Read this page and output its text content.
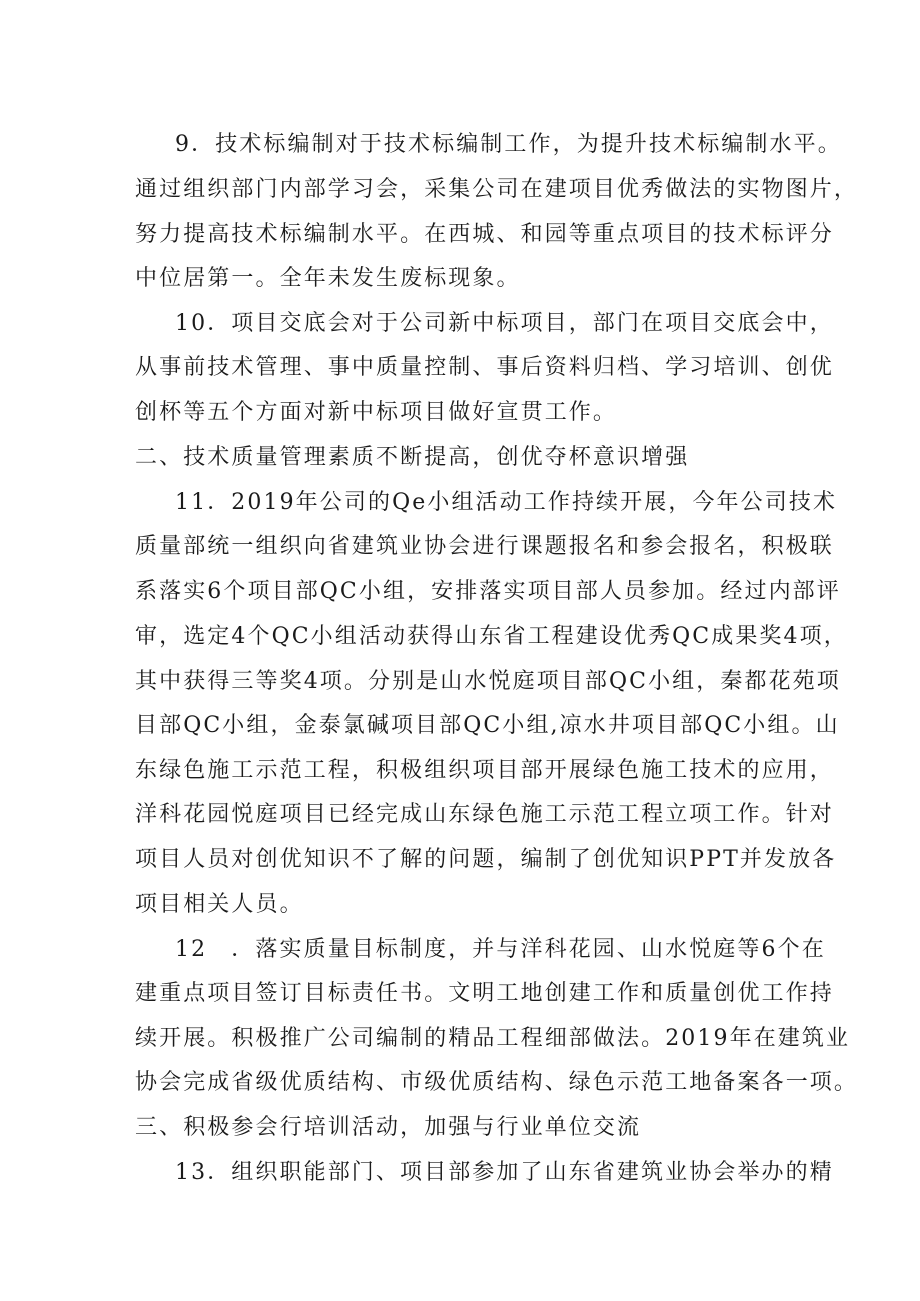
9．技术标编制对于技术标编制工作，为提升技术标编制水平。
通过组织部门内部学习会，采集公司在建项目优秀做法的实物图片，
努力提高技术标编制水平。在西城、和园等重点项目的技术标评分
中位居第一。全年未发生废标现象。
10．项目交底会对于公司新中标项目，部门在项目交底会中，
从事前技术管理、事中质量控制、事后资料归档、学习培训、创优
创杯等五个方面对新中标项目做好宣贯工作。
二、技术质量管理素质不断提高，创优夺杯意识增强
11．2019年公司的Qe小组活动工作持续开展，今年公司技术
质量部统一组织向省建筑业协会进行课题报名和参会报名，积极联
系落实6个项目部QC小组，安排落实项目部人员参加。经过内部评
审，选定4个QC小组活动获得山东省工程建设优秀QC成果奖4项，
其中获得三等奖4项。分别是山水悦庭项目部QC小组，秦都花苑项
目部QC小组，金泰氯碱项目部QC小组,凉水井项目部QC小组。山
东绿色施工示范工程，积极组织项目部开展绿色施工技术的应用，
洋科花园悦庭项目已经完成山东绿色施工示范工程立项工作。针对
项目人员对创优知识不了解的问题，编制了创优知识PPT并发放各
项目相关人员。
12　．落实质量目标制度，并与洋科花园、山水悦庭等6个在
建重点项目签订目标责任书。文明工地创建工作和质量创优工作持
续开展。积极推广公司编制的精品工程细部做法。2019年在建筑业
协会完成省级优质结构、市级优质结构、绿色示范工地备案各一项。
三、积极参会行培训活动，加强与行业单位交流
13．组织职能部门、项目部参加了山东省建筑业协会举办的精
